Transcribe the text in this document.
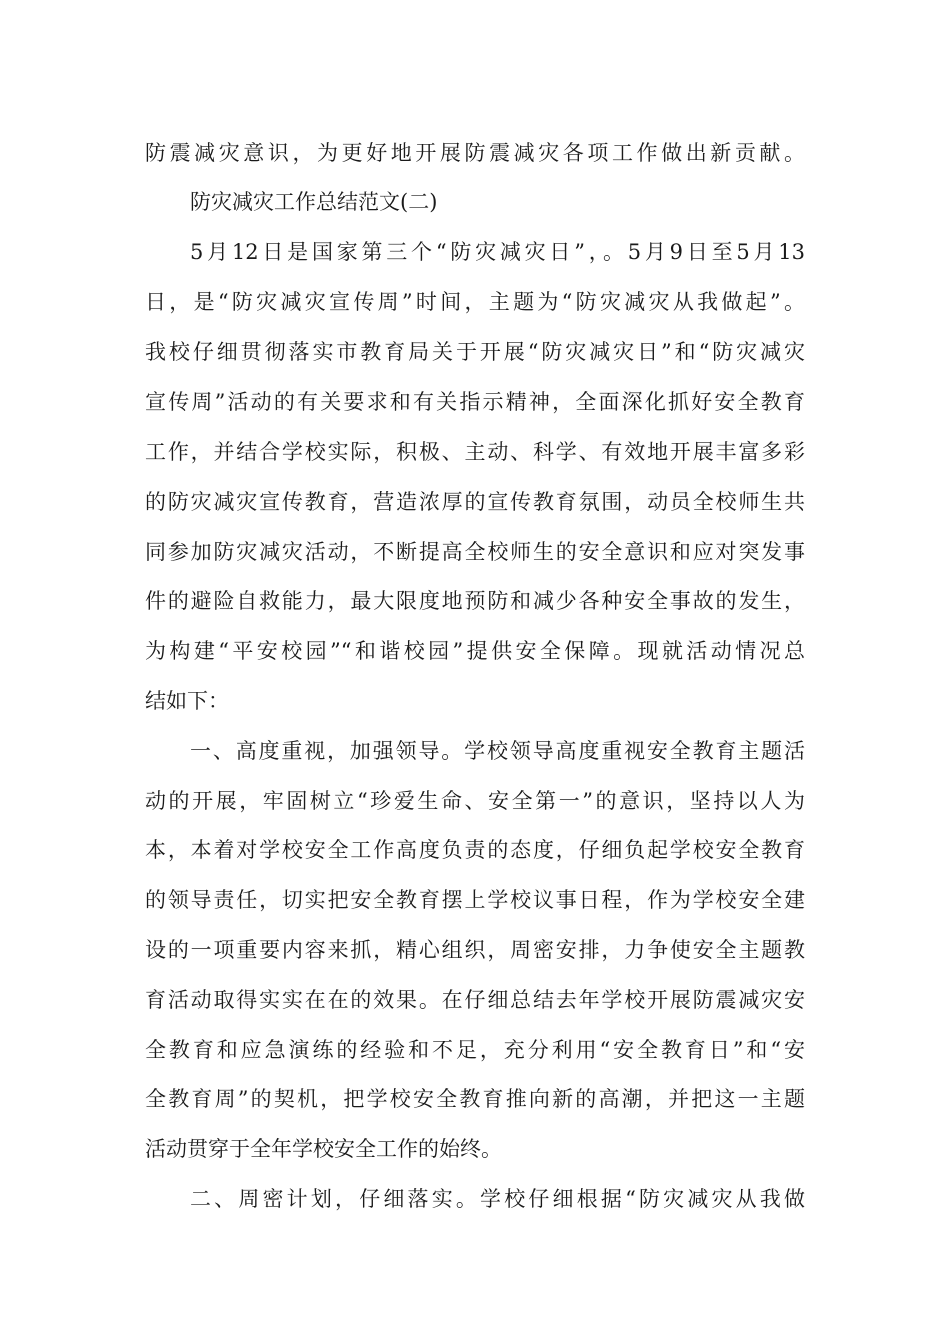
防震减灾意识，为更好地开展防震减灾各项工作做出新贡献。
防灾减灾工作总结范文(二)
5月12日是国家第三个“防灾减灾日”，。5月9日至5月13
日，是“防灾减灾宣传周”时间，主题为“防灾减灾从我做起”。
我校仔细贯彻落实市教育局关于开展“防灾减灾日”和“防灾减灾
宣传周”活动的有关要求和有关指示精神，全面深化抓好安全教育
工作，并结合学校实际，积极、主动、科学、有效地开展丰富多彩
的防灾减灾宣传教育，营造浓厚的宣传教育氛围，动员全校师生共
同参加防灾减灾活动，不断提高全校师生的安全意识和应对突发事
件的避险自救能力，最大限度地预防和减少各种安全事故的发生，
为构建“平安校园”“和谐校园”提供安全保障。现就活动情况总
结如下：
一、高度重视，加强领导。学校领导高度重视安全教育主题活
动的开展，牢固树立“珍爱生命、安全第一”的意识，坚持以人为
本，本着对学校安全工作高度负责的态度，仔细负起学校安全教育
的领导责任，切实把安全教育摆上学校议事日程，作为学校安全建
设的一项重要内容来抓，精心组织，周密安排，力争使安全主题教
育活动取得实实在在的效果。在仔细总结去年学校开展防震减灾安
全教育和应急演练的经验和不足，充分利用“安全教育日”和“安
全教育周”的契机，把学校安全教育推向新的高潮，并把这一主题
活动贯穿于全年学校安全工作的始终。
二、周密计划，仔细落实。学校仔细根据“防灾减灾从我做
